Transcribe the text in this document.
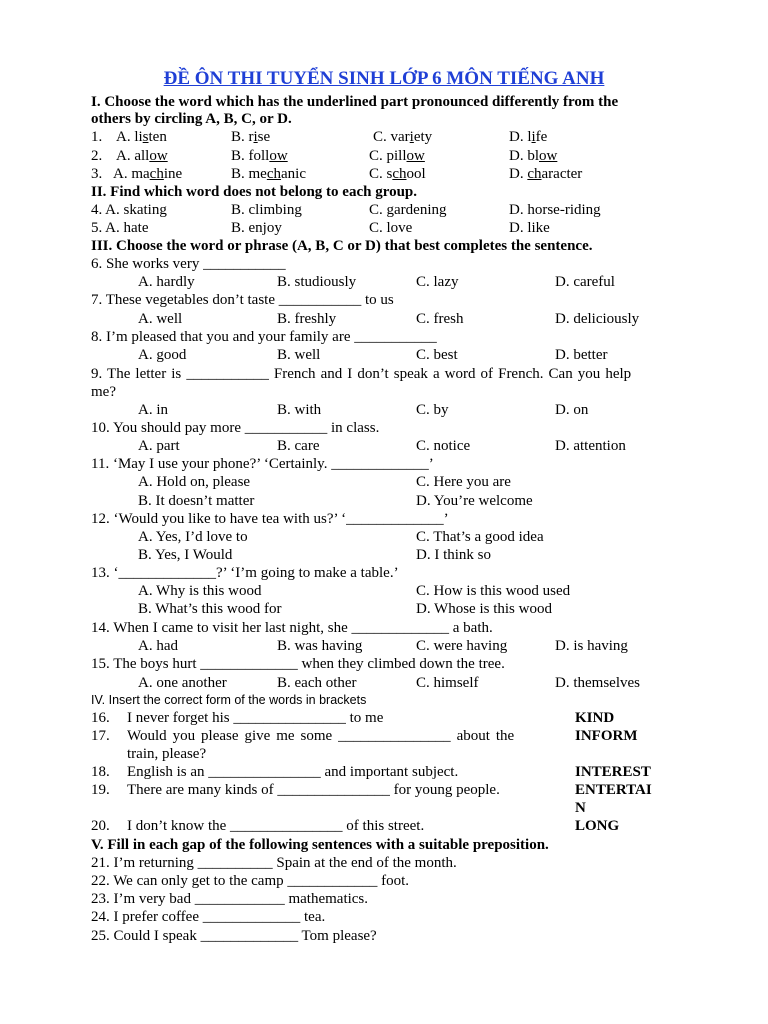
ĐỀ ÔN THI TUYỂN SINH LỚP 6 MÔN TIẾNG ANH
I. Choose the word which has the underlined part pronounced differently from the
others by circling A, B, C, or D.
1. A. listen	B. rise	C. variety	D. life
2. A. allow	B. follow	C. pillow	D. blow
3. A. machine	B. mechanic	C. school	D. character
II. Find which word does not belong to each group.
4. A. skating	B. climbing	C. gardening	D. horse-riding
5. A. hate	B. enjoy	C. love	D. like
III. Choose the word or phrase (A, B, C or D) that best completes the sentence.
6. She works very ___________
A. hardly	B. studiously	C. lazy	D. careful
7. These vegetables don’t taste ___________ to us
A. well	B. freshly	C. fresh	D. deliciously
8. I’m pleased that you and your family are ___________
A. good	B. well	C. best	D. better
9. The letter is ___________ French and I don’t speak a word of French. Can you help
me?
A. in	B. with	C. by	D. on
10. You should pay more ___________ in class.
A. part	B. care	C. notice	D. attention
11. ‘May I use your phone?’ ‘Certainly. _____________’
A. Hold on, please	C. Here you are
B. It doesn’t matter	D. You’re welcome
12. ‘Would you like to have tea with us?’ ‘_____________’
A. Yes, I’d love to	C. That’s a good idea
B. Yes, I Would	D. I think so
13. ‘_____________?’ ‘I’m going to make a table.’
A. Why is this wood	C. How is this wood used
B. What’s this wood for	D. Whose is this wood
14. When I came to visit her last night, she _____________ a bath.
A. had	B. was having	C. were having	D. is having
15. The boys hurt _____________ when they climbed down the tree.
A. one another	B. each other	C. himself	D. themselves
IV. Insert the correct form of the words in brackets
16. I never forget his _______________ to me	KIND
17. Would you please give me some _______________ about the
train, please?
INFORM
18. English is an _______________ and important subject.	INTEREST
19. There are many kinds of _______________ for young people.	ENTERTAI
N
20. I don’t know the _______________ of this street.	LONG
V. Fill in each gap of the following sentences with a suitable preposition.
21. I’m returning __________ Spain at the end of the month.
22. We can only get to the camp ____________ foot.
23. I’m very bad ____________ mathematics.
24. I prefer coffee _____________ tea.
25. Could I speak _____________ Tom please?
